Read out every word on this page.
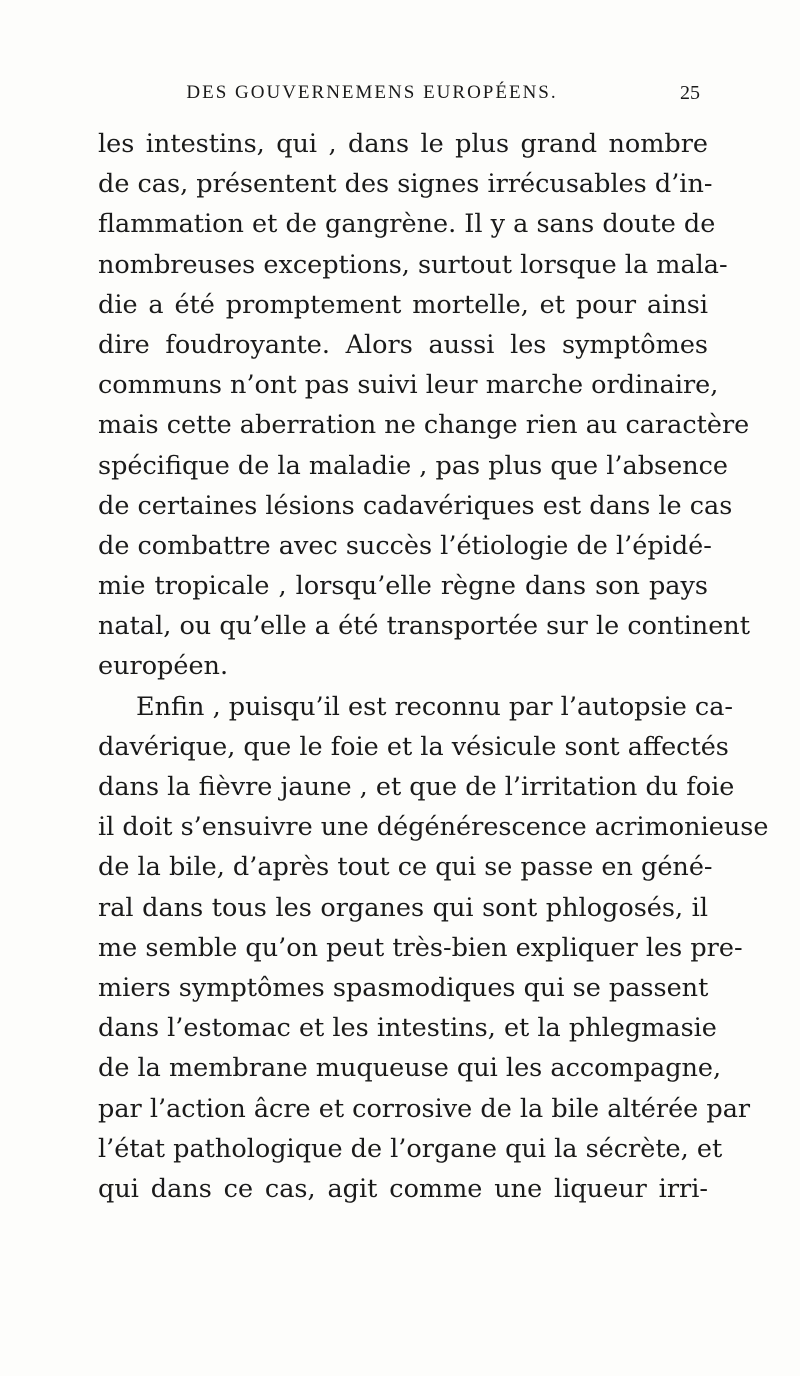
DES GOUVERNEMENS EUROPÉENS.	25
les intestins, qui , dans le plus grand nombre
de cas, présentent des signes irrécusables d’in-
flammation et de gangrène. Il y a sans doute de
nombreuses exceptions, surtout lorsque la mala-
die a été promptement mortelle, et pour ainsi
dire foudroyante. Alors aussi les symptômes
communs n’ont pas suivi leur marche ordinaire,
mais cette aberration ne change rien au caractère
spécifique de la maladie , pas plus que l’absence
de certaines lésions cadavériques est dans le cas
de combattre avec succès l’étiologie de l’épidé-
mie tropicale , lorsqu’elle règne dans son pays
natal, ou qu’elle a été transportée sur le continent
européen.
Enfin , puisqu’il est reconnu par l’autopsie ca-
davérique, que le foie et la vésicule sont affectés
dans la fièvre jaune , et que de l’irritation du foie
il doit s’ensuivre une dégénérescence acrimonieuse
de la bile, d’après tout ce qui se passe en géné-
ral dans tous les organes qui sont phlogosés, il
me semble qu’on peut très-bien expliquer les pre-
miers symptômes spasmodiques qui se passent
dans l’estomac et les intestins, et la phlegmasie
de la membrane muqueuse qui les accompagne,
par l’action âcre et corrosive de la bile altérée par
l’état pathologique de l’organe qui la sécrète, et
qui dans ce cas, agit comme une liqueur irri-
